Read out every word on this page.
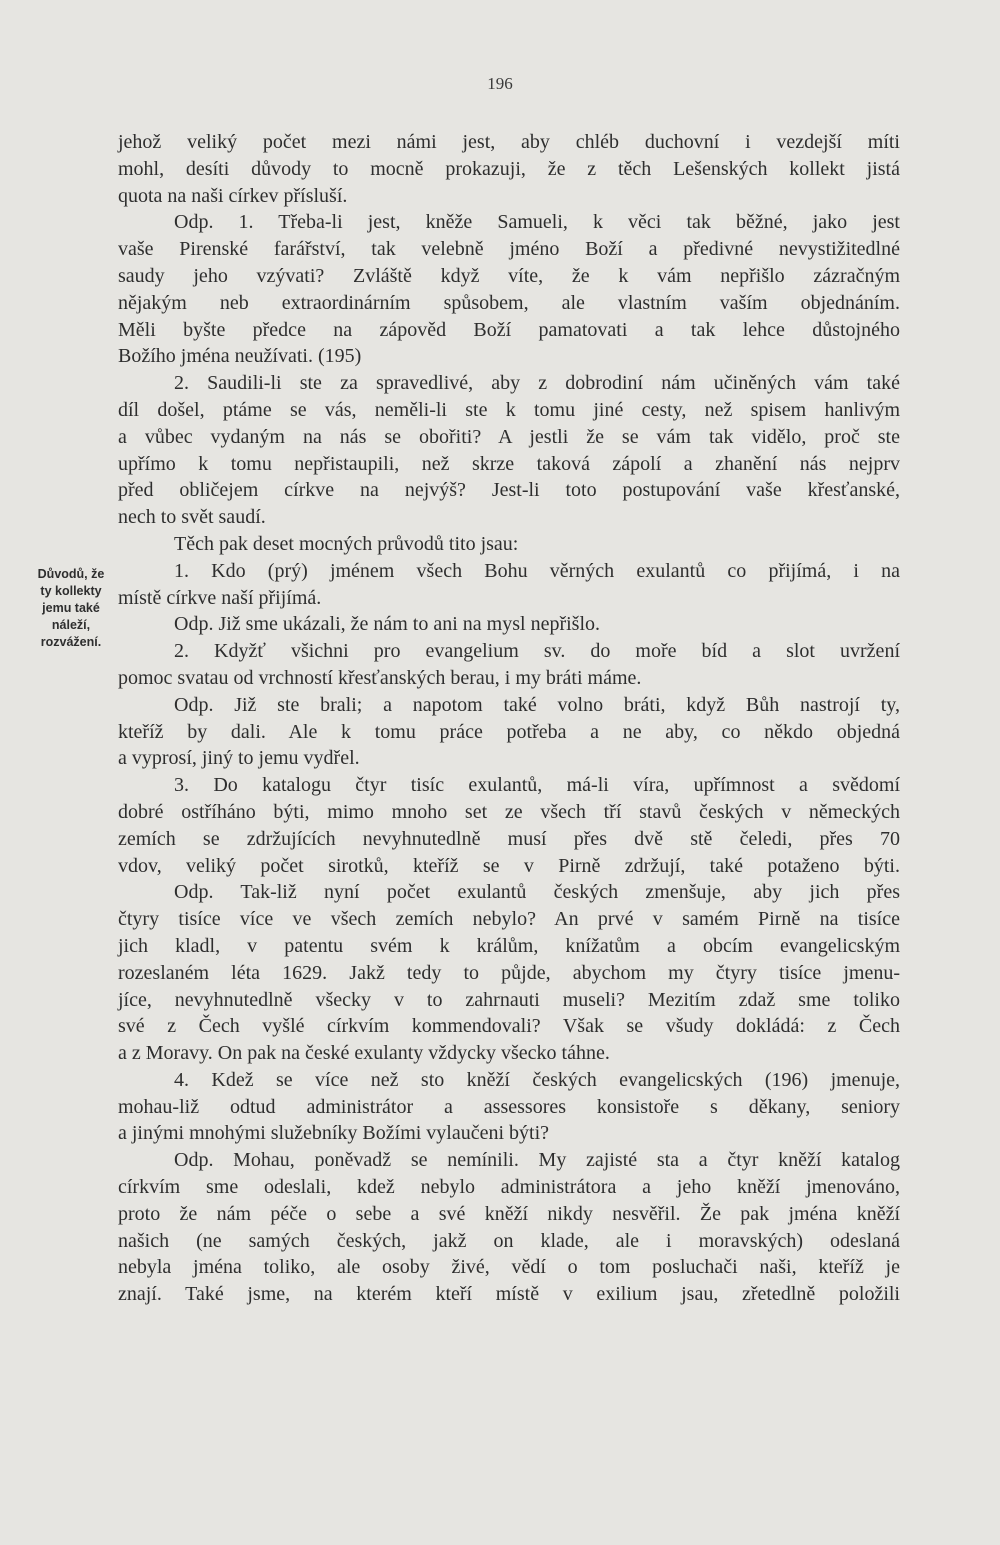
196
Důvodů, že
ty kollekty
jemu také
náleží,
rozvážení.
jehož veliký počet mezi námi jest, aby chléb duchovní i vezdejší míti
mohl, desíti důvody to mocně prokazuji, že z těch Lešenských kollekt jistá
quota na naši církev přísluší.
Odp. 1. Třeba-li jest, kněže Samueli, k věci tak běžné, jako jest
vaše Pirenské farářství, tak velebně jméno Boží a předivné nevystižitedlné
saudy jeho vzývati? Zvláště když víte, že k vám nepřišlo zázračným
nějakým neb extraordinárním spůsobem, ale vlastním vaším objednáním.
Měli byšte předce na zápověd Boží pamatovati a tak lehce důstojného
Božího jména neužívati. (195)
2. Saudili-li ste za spravedlivé, aby z dobrodiní nám učiněných vám také
díl došel, ptáme se vás, neměli-li ste k tomu jiné cesty, než spisem hanlivým
a vůbec vydaným na nás se obořiti? A jestli že se vám tak vidělo, proč ste
upřímo k tomu nepřistaupili, než skrze taková zápolí a zhanění nás nejprv
před obličejem církve na nejvýš? Jest-li toto postupování vaše křesťanské,
nech to svět saudí.
Těch pak deset mocných průvodů tito jsau:
1. Kdo (prý) jménem všech Bohu věrných exulantů co přijímá, i na
místě církve naší přijímá.
Odp. Již sme ukázali, že nám to ani na mysl nepřišlo.
2. Kdyžť všichni pro evangelium sv. do moře bíd a slot uvržení
pomoc svatau od vrchností křesťanských berau, i my bráti máme.
Odp. Již ste brali; a napotom také volno bráti, když Bůh nastrojí ty,
kteříž by dali. Ale k tomu práce potřeba a ne aby, co někdo objedná
a vyprosí, jiný to jemu vydřel.
3. Do katalogu čtyr tisíc exulantů, má-li víra, upřímnost a svědomí
dobré ostříháno býti, mimo mnoho set ze všech tří stavů českých v německých
zemích se zdržujících nevyhnutedlně musí přes dvě stě čeledi, přes 70
vdov, veliký počet sirotků, kteříž se v Pirně zdržují, také potaženo býti.
Odp. Tak-liž nyní počet exulantů českých zmenšuje, aby jich přes
čtyry tisíce více ve všech zemích nebylo? An prvé v samém Pirně na tisíce
jich kladl, v patentu svém k králům, knížatům a obcím evangelicským
rozeslaném léta 1629. Jakž tedy to půjde, abychom my čtyry tisíce jmenu-
jíce, nevyhnutedlně všecky v to zahrnauti museli? Mezitím zdaž sme toliko
své z Čech vyšlé církvím kommendovali? Však se všudy dokládá: z Čech
a z Moravy. On pak na české exulanty vždycky všecko táhne.
4. Kdež se více než sto kněží českých evangelicských (196) jmenuje,
mohau-liž odtud administrátor a assessores konsistoře s děkany, seniory
a jinými mnohými služebníky Božími vylaučeni býti?
Odp. Mohau, poněvadž se nemínili. My zajisté sta a čtyr kněží katalog
církvím sme odeslali, kdež nebylo administrátora a jeho kněží jmenováno,
proto že nám péče o sebe a své kněží nikdy nesvěřil. Že pak jména kněží
našich (ne samých českých, jakž on klade, ale i moravských) odeslaná
nebyla jména toliko, ale osoby živé, vědí o tom posluchači naši, kteříž je
znají. Také jsme, na kterém kteří místě v exilium jsau, zřetedlně položili
